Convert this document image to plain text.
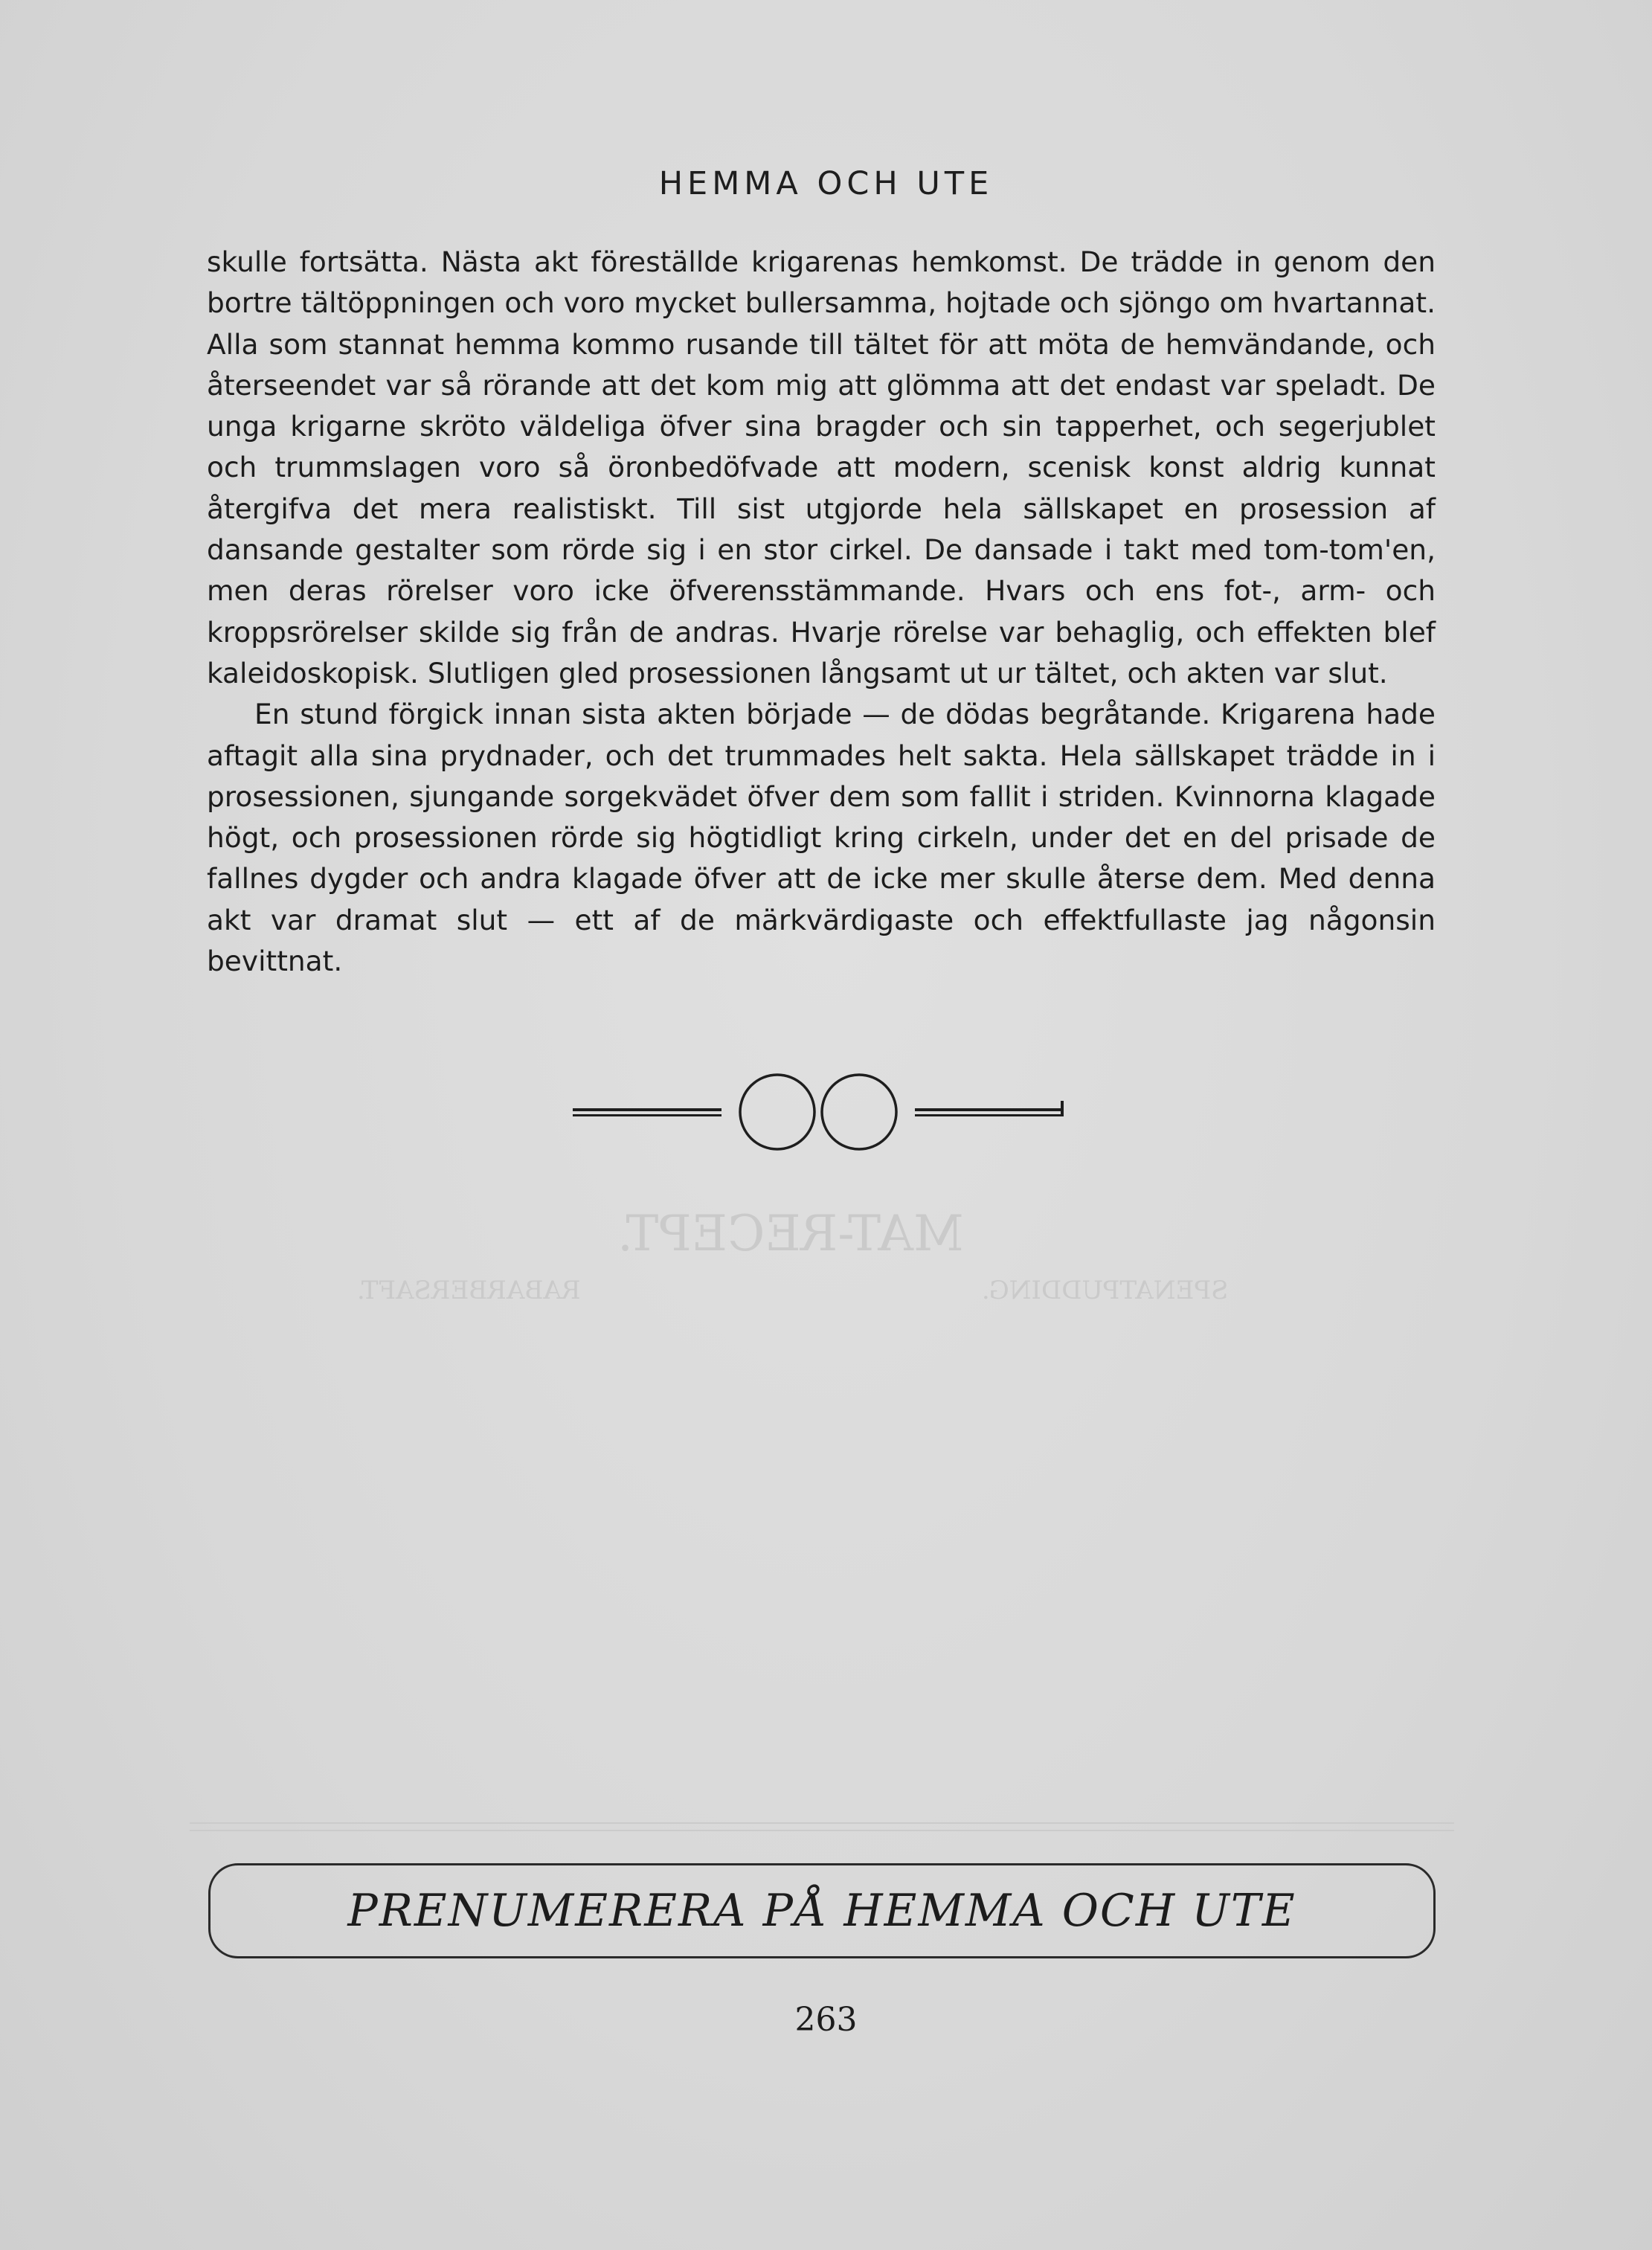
MAT-RECEPT.
SPENATPUDDING.
RABARBERSAFT.
HEMMA OCH UTE

skulle fortsätta. Nästa akt föreställde krigarenas hemkomst. De trädde in genom den bortre tältöppningen och voro mycket bullersamma, hojtade och sjöngo om hvartannat. Alla som stannat hemma kommo rusande till tältet för att möta de hemvändande, och återseendet var så rörande att det kom mig att glömma att det endast var speladt. De unga krigarne skröto väldeliga öfver sina bragder och sin tapperhet, och segerjublet och trummslagen voro så öronbedöfvade att modern, scenisk konst aldrig kunnat återgifva det mera realistiskt. Till sist utgjorde hela sällskapet en prosession af dansande gestalter som rörde sig i en stor cirkel. De dansade i takt med tom-tom'en, men deras rörelser voro icke öfverensstämmande. Hvars och ens fot-, arm- och kroppsrörelser skilde sig från de andras. Hvarje rörelse var behaglig, och effekten blef kaleidoskopisk. Slutligen gled prosessionen långsamt ut ur tältet, och akten var slut.

En stund förgick innan sista akten började — de dödas begråtande. Krigarena hade aftagit alla sina prydnader, och det trummades helt sakta. Hela sällskapet trädde in i prosessionen, sjungande sorgekvädet öfver dem som fallit i striden. Kvinnorna klagade högt, och prosessionen rörde sig högtidligt kring cirkeln, under det en del prisade de fallnes dygder och andra klagade öfver att de icke mer skulle återse dem. Med denna akt var dramat slut — ett af de märkvärdigaste och effektfullaste jag någonsin bevittnat.

PRENUMERERA PÅ HEMMA OCH UTE
263
